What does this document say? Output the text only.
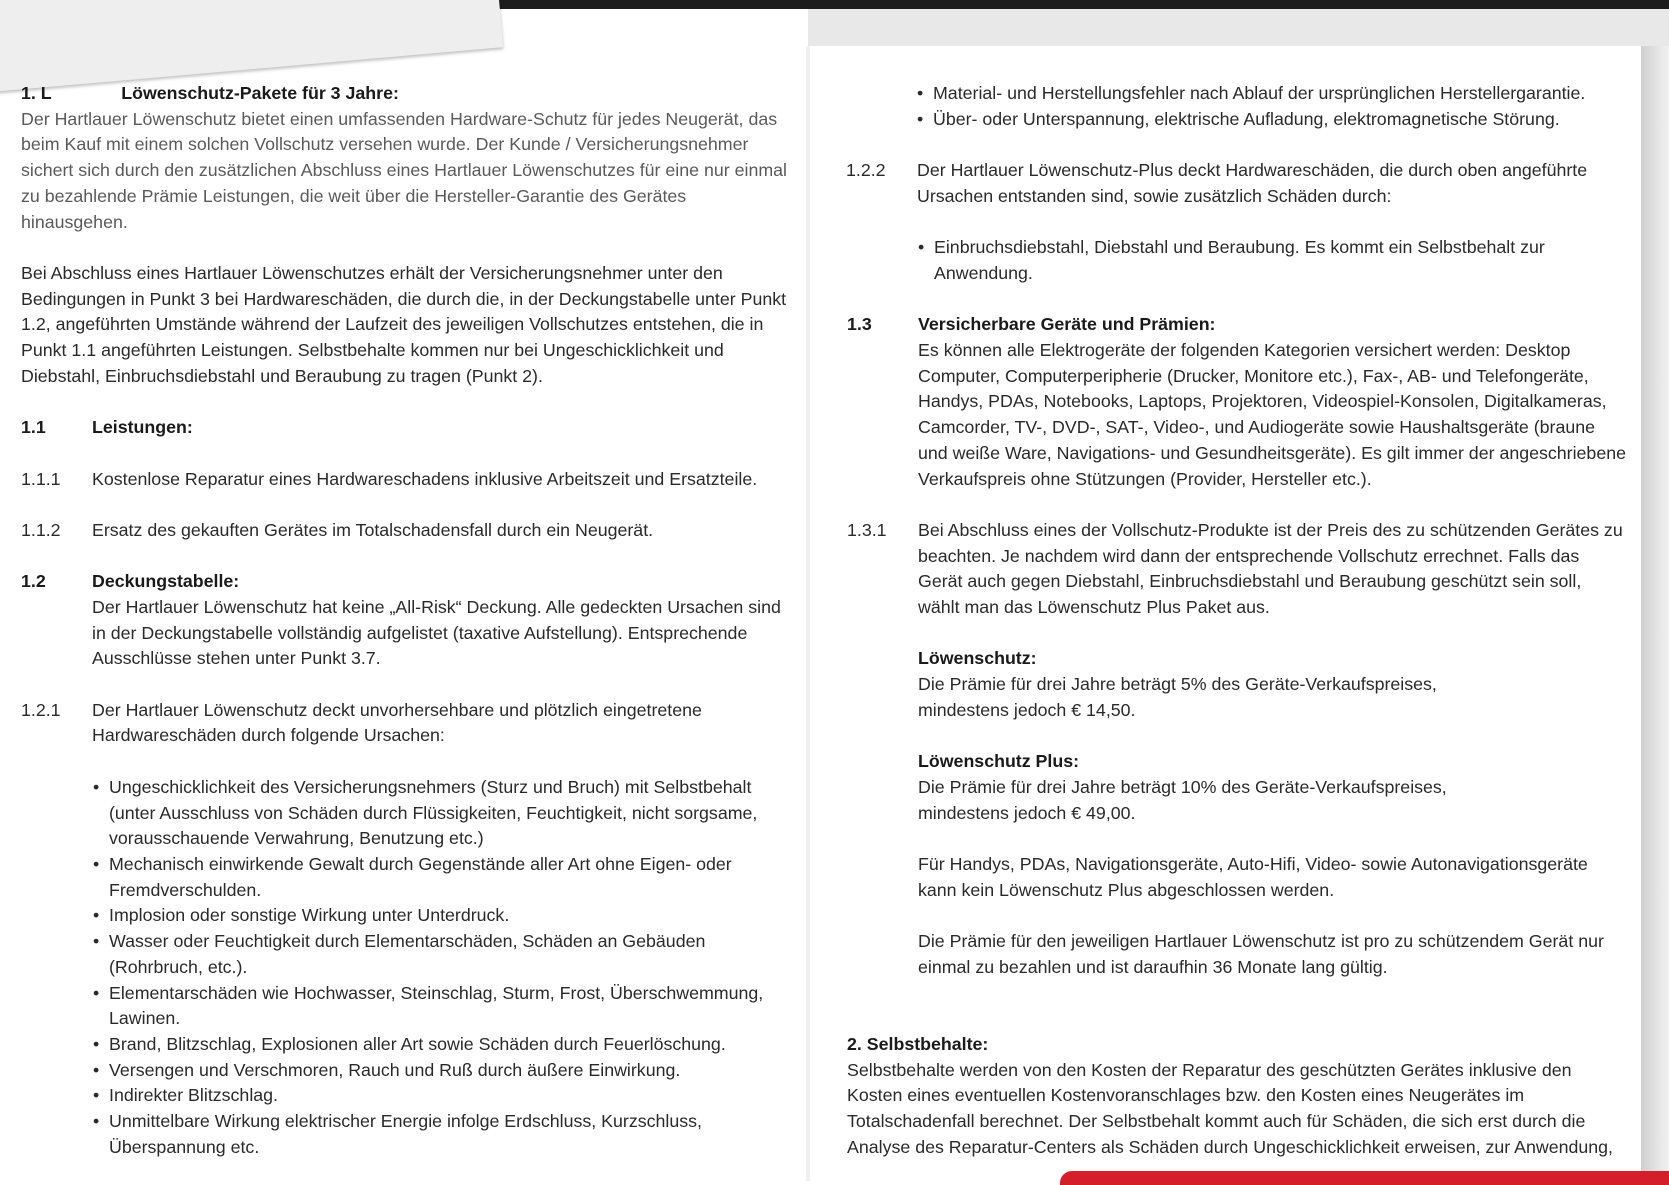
1. L	Löwenschutz-Pakete für 3 Jahre:

Der Hartlauer Löwenschutz bietet einen umfassenden Hardware-Schutz für jedes Neugerät, das beim Kauf mit einem solchen Vollschutz versehen wurde. Der Kunde / Versicherungsnehmer sichert sich durch den zusätzlichen Abschluss eines Hartlauer Löwenschutzes für eine nur einmal zu bezahlende Prämie Leistungen, die weit über die Hersteller-Garantie des Gerätes hinausgehen.

Bei Abschluss eines Hartlauer Löwenschutzes erhält der Versicherungsnehmer unter den Bedingungen in Punkt 3 bei Hardwareschäden, die durch die, in der Deckungstabelle unter Punkt 1.2, angeführten Umstände während der Laufzeit des jeweiligen Vollschutzes entstehen, die in Punkt 1.1 angeführten Leistungen. Selbstbehalte kommen nur bei Ungeschicklichkeit und Diebstahl, Einbruchsdiebstahl und Beraubung zu tragen (Punkt 2).

1.1	Leistungen:
1.1.1	Kostenlose Reparatur eines Hardwareschadens inklusive Arbeitszeit und Ersatzteile.
1.1.2	Ersatz des gekauften Gerätes im Totalschadensfall durch ein Neugerät.
1.2	Deckungstabelle:

Der Hartlauer Löwenschutz hat keine „All-Risk“ Deckung. Alle gedeckten Ursachen sind in der Deckungstabelle vollständig aufgelistet (taxative Aufstellung). Entsprechende Ausschlüsse stehen unter Punkt 3.7.

1.2.1	Der Hartlauer Löwenschutz deckt unvorhersehbare und plötzlich eingetretene Hardwareschäden durch folgende Ursachen:
• Ungeschicklichkeit des Versicherungsnehmers (Sturz und Bruch) mit Selbstbehalt (unter Ausschluss von Schäden durch Flüssigkeiten, Feuchtigkeit, nicht sorgsame, vorausschauende Verwahrung, Benutzung etc.)
• Mechanisch einwirkende Gewalt durch Gegenstände aller Art ohne Eigen- oder Fremdverschulden.
• Implosion oder sonstige Wirkung unter Unterdruck.
• Wasser oder Feuchtigkeit durch Elementarschäden, Schäden an Gebäuden (Rohrbruch, etc.).
• Elementarschäden wie Hochwasser, Steinschlag, Sturm, Frost, Überschwemmung, Lawinen.
• Brand, Blitzschlag, Explosionen aller Art sowie Schäden durch Feuerlöschung.
• Versengen und Verschmoren, Rauch und Ruß durch äußere Einwirkung.
• Indirekter Blitzschlag.
• Unmittelbare Wirkung elektrischer Energie infolge Erdschluss, Kurzschluss, Überspannung etc.
• Material- und Herstellungsfehler nach Ablauf der ursprünglichen Herstellergarantie.
• Über- oder Unterspannung, elektrische Aufladung, elektromagnetische Störung.
1.2.2	Der Hartlauer Löwenschutz-Plus deckt Hardwareschäden, die durch oben angeführte Ursachen entstanden sind, sowie zusätzlich Schäden durch:
• Einbruchsdiebstahl, Diebstahl und Beraubung. Es kommt ein Selbstbehalt zur Anwendung.
1.3	Versicherbare Geräte und Prämien:

Es können alle Elektrogeräte der folgenden Kategorien versichert werden: Desktop Computer, Computerperipherie (Drucker, Monitore etc.), Fax-, AB- und Telefongeräte, Handys, PDAs, Notebooks, Laptops, Projektoren, Videospiel-Konsolen, Digitalkameras, Camcorder, TV-, DVD-, SAT-, Video-, und Audiogeräte sowie Haushaltsgeräte (braune und weiße Ware, Navigations- und Gesundheitsgeräte). Es gilt immer der angeschriebene Verkaufspreis ohne Stützungen (Provider, Hersteller etc.).

1.3.1	Bei Abschluss eines der Vollschutz-Produkte ist der Preis des zu schützenden Gerätes zu beachten. Je nachdem wird dann der entsprechende Vollschutz errechnet. Falls das Gerät auch gegen Diebstahl, Einbruchsdiebstahl und Beraubung geschützt sein soll, wählt man das Löwenschutz Plus Paket aus.

Löwenschutz:

Die Prämie für drei Jahre beträgt 5% des Geräte-Verkaufspreises,

mindestens jedoch € 14,50.

Löwenschutz Plus:

Die Prämie für drei Jahre beträgt 10% des Geräte-Verkaufspreises,

mindestens jedoch € 49,00.

Für Handys, PDAs, Navigationsgeräte, Auto-Hifi, Video- sowie Autonavigationsgeräte kann kein Löwenschutz Plus abgeschlossen werden.

Die Prämie für den jeweiligen Hartlauer Löwenschutz ist pro zu schützendem Gerät nur einmal zu bezahlen und ist daraufhin 36 Monate lang gültig.

2. Selbstbehalte:

Selbstbehalte werden von den Kosten der Reparatur des geschützten Gerätes inklusive den Kosten eines eventuellen Kostenvoranschlages bzw. den Kosten eines Neugerätes im Totalschadenfall berechnet. Der Selbstbehalt kommt auch für Schäden, die sich erst durch die Analyse des Reparatur-Centers als Schäden durch Ungeschicklichkeit erweisen, zur Anwendung,
